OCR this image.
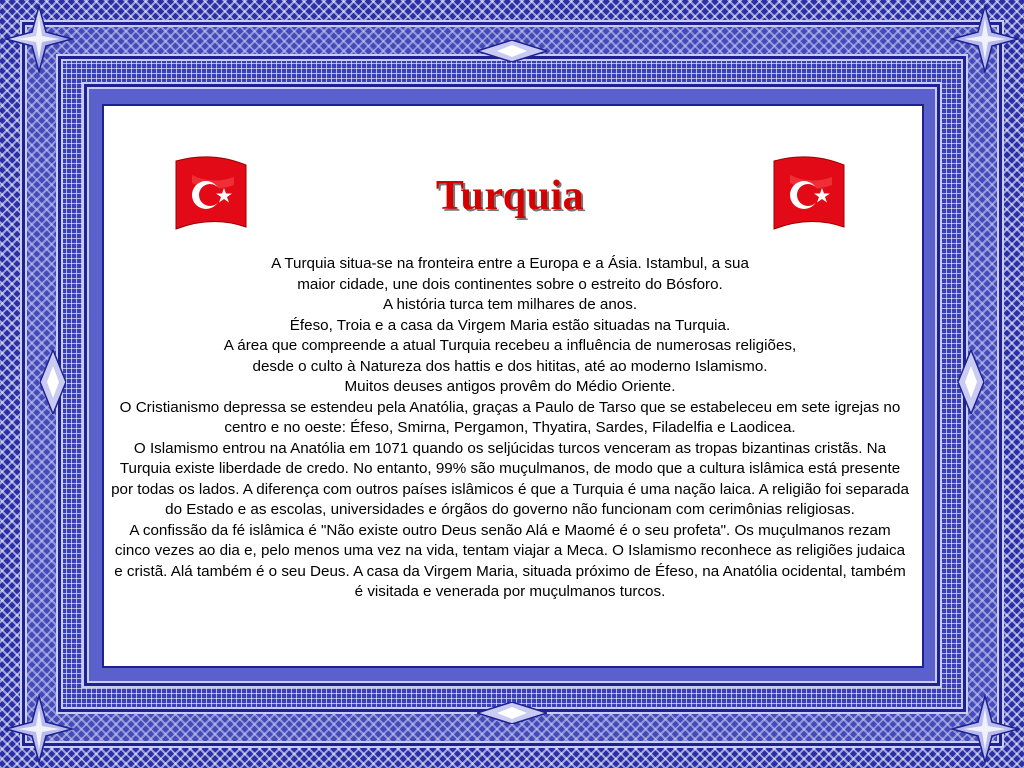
Turquia

A Turquia situa-se na fronteira entre a Europa e a Ásia. Istambul, a sua

maior cidade, une dois continentes sobre o estreito do Bósforo.

A história turca tem milhares de anos.

Éfeso, Troia e a casa da Virgem Maria estão situadas na Turquia.

A área que compreende a atual Turquia recebeu a influência de numerosas religiões,

desde o culto à Natureza dos hattis e dos hititas, até ao moderno Islamismo.

Muitos deuses antigos provêm do Médio Oriente.

O Cristianismo depressa se estendeu pela Anatólia, graças a Paulo de Tarso que se estabeleceu em sete igrejas no centro e no oeste: Éfeso, Smirna, Pergamon, Thyatira, Sardes, Filadelfia e Laodicea.

O Islamismo entrou na Anatólia em 1071 quando os seljúcidas turcos venceram as tropas bizantinas cristãs. Na Turquia existe liberdade de credo. No entanto, 99% são muçulmanos, de modo que a cultura islâmica está presente por todas os lados. A diferença com outros países islâmicos é que a Turquia é uma nação laica. A religião foi separada do Estado e as escolas, universidades e órgãos do governo não funcionam com cerimônias religiosas.

A confissão da fé islâmica é "Não existe outro Deus senão Alá e Maomé é o seu profeta". Os muçulmanos rezam cinco vezes ao dia e, pelo menos uma vez na vida, tentam viajar a Meca. O Islamismo reconhece as religiões judaica e cristã. Alá também é o seu Deus. A casa da Virgem Maria, situada próximo de Éfeso, na Anatólia ocidental, também é visitada e venerada por muçulmanos turcos.
